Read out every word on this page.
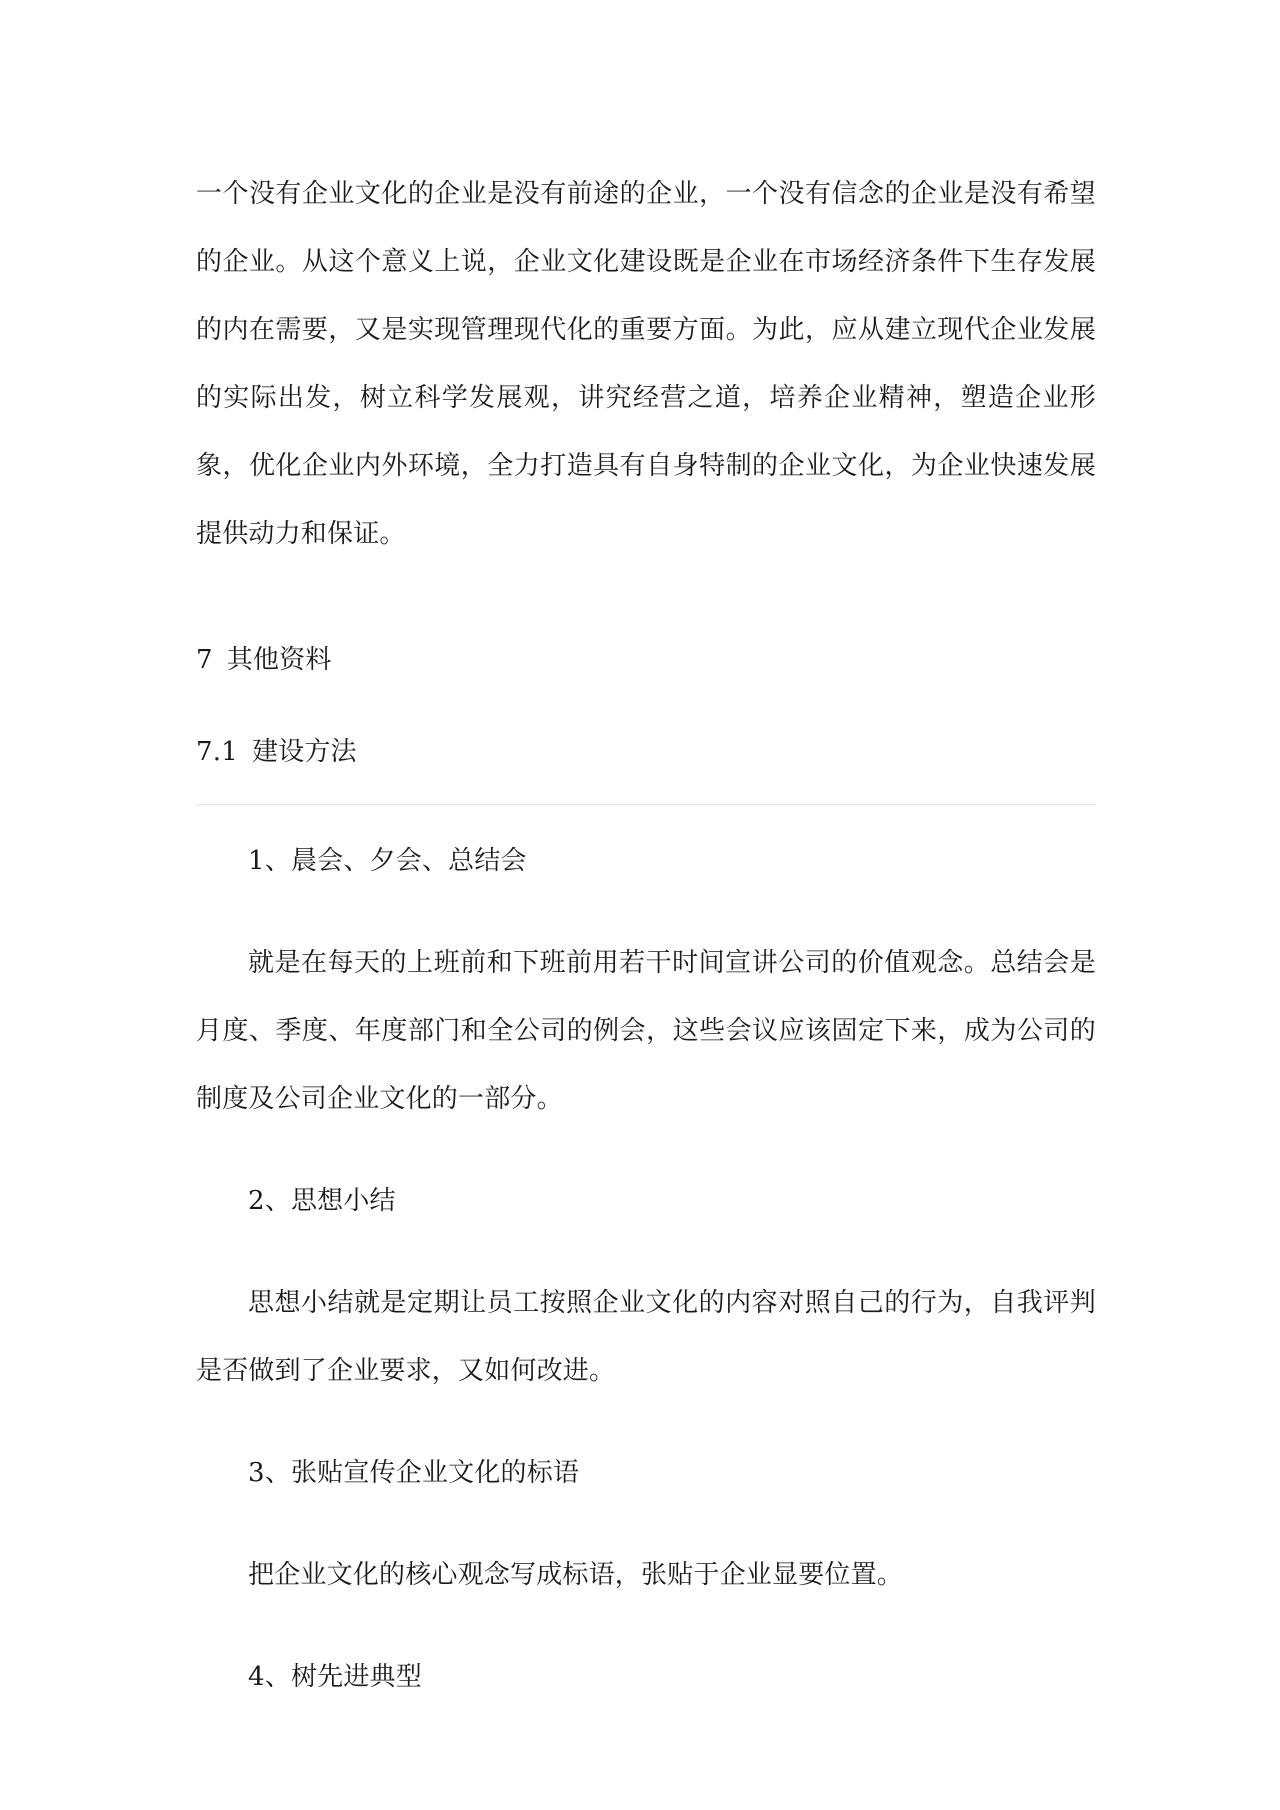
一个没有企业文化的企业是没有前途的企业，一个没有信念的企业是没有希望的企业。从这个意义上说，企业文化建设既是企业在市场经济条件下生存发展的内在需要，又是实现管理现代化的重要方面。为此，应从建立现代企业发展的实际出发，树立科学发展观，讲究经营之道，培养企业精神，塑造企业形象，优化企业内外环境，全力打造具有自身特制的企业文化，为企业快速发展提供动力和保证。

7 其他资料

7.1 建设方法

1、晨会、夕会、总结会

就是在每天的上班前和下班前用若干时间宣讲公司的价值观念。总结会是月度、季度、年度部门和全公司的例会，这些会议应该固定下来，成为公司的制度及公司企业文化的一部分。

2、思想小结

思想小结就是定期让员工按照企业文化的内容对照自己的行为，自我评判是否做到了企业要求，又如何改进。

3、张贴宣传企业文化的标语

把企业文化的核心观念写成标语，张贴于企业显要位置。

4、树先进典型
